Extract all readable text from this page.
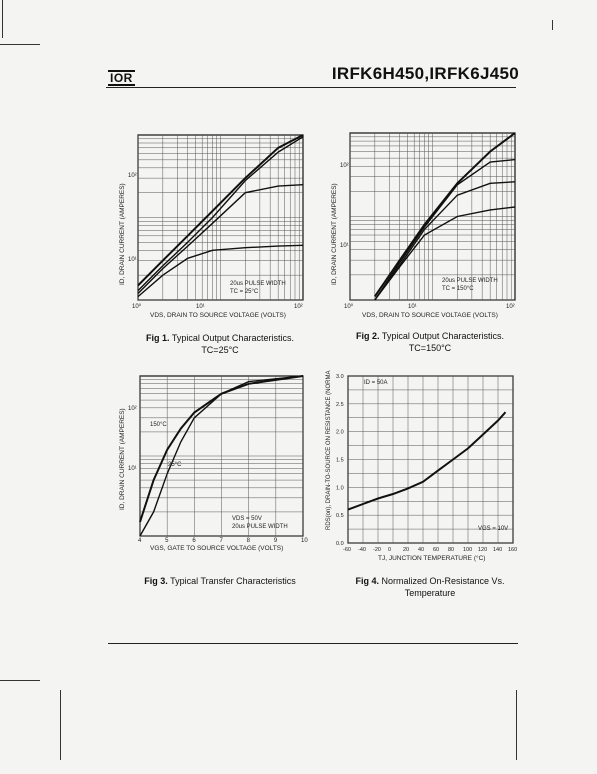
IOR	IRFK6H450,IRFK6J450
ID, DRAIN CURRENT (AMPERES)
VDS, DRAIN TO SOURCE VOLTAGE (VOLTS)
10⁰	10¹	10²
10¹
10²
20us PULSE WIDTH
TC = 25°C
ID, DRAIN CURRENT (AMPERES)
VDS, DRAIN TO SOURCE VOLTAGE (VOLTS)
10⁰	10¹	10²
10¹
10²
20us PULSE WIDTH
TC = 150°C
Fig 1. Typical Output Characteristics.
TC=25°C
Fig 2. Typical Output Characteristics.
TC=150°C
ID, DRAIN CURRENT (AMPERES)
VGS, GATE TO SOURCE VOLTAGE (VOLTS)
10¹
10²
150°C
25°C
VDS = 50V
20us PULSE WIDTH
4	5	6	7	8	9	10
RDS(on), DRAIN-TO-SOURCE ON RESISTANCE (NORMALIZED)
TJ, JUNCTION TEMPERATURE (°C)
ID = 50A
VGS = 10V
-60 -40 -20 0 20 40 60 80 100 120 140 160
0.0
0.5
1.0
1.5
2.0
2.5
3.0
Fig 3. Typical Transfer Characteristics	Fig 4. Normalized On-Resistance Vs.
Temperature
